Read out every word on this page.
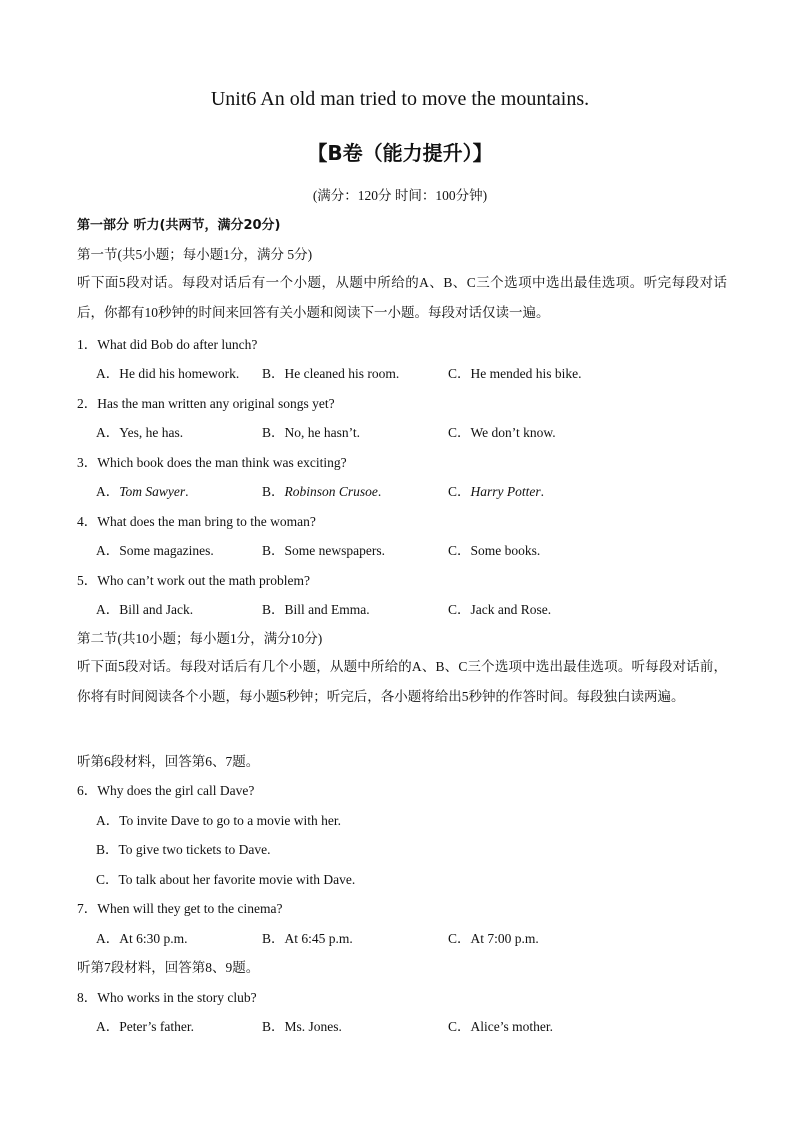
Unit6 An old man tried to move the mountains.
【B卷（能力提升）】
(满分：120分 时间：100分钟)
第一部分 听力(共两节，满分20分)
第一节(共5小题；每小题1分，满分 5分)
听下面5段对话。每段对话后有一个小题，从题中所给的A、B、C三个选项中选出最佳选项。听完每段对话后，你都有10秒钟的时间来回答有关小题和阅读下一小题。每段对话仅读一遍。
1．What did Bob do after lunch?
A．He did his homework. B．He cleaned his room.	C．He mended his bike.
2．Has the man written any original songs yet?
A．Yes, he has.	B．No, he hasn’t.	C．We don’t know.
3．Which book does the man think was exciting?
A．Tom Sawyer.	B．Robinson Crusoe.	C．Harry Potter.
4．What does the man bring to the woman?
A．Some magazines.	B．Some newspapers.	C．Some books.
5．Who can’t work out the math problem?
A．Bill and Jack.	B．Bill and Emma.	C．Jack and Rose.
第二节(共10小题；每小题1分，满分10分)
听下面5段对话。每段对话后有几个小题，从题中所给的A、B、C三个选项中选出最佳选项。听每段对话前，你将有时间阅读各个小题，每小题5秒钟；听完后，各小题将给出5秒钟的作答时间。每段独白读两遍。
听第6段材料，回答第6、7题。
6．Why does the girl call Dave?
A．To invite Dave to go to a movie with her.
B．To give two tickets to Dave.
C．To talk about her favorite movie with Dave.
7．When will they get to the cinema?
A．At 6:30 p.m.	B．At 6:45 p.m.	C．At 7:00 p.m.
听第7段材料，回答第8、9题。
8．Who works in the story club?
A．Peter’s father.	B．Ms. Jones.	C．Alice’s mother.
